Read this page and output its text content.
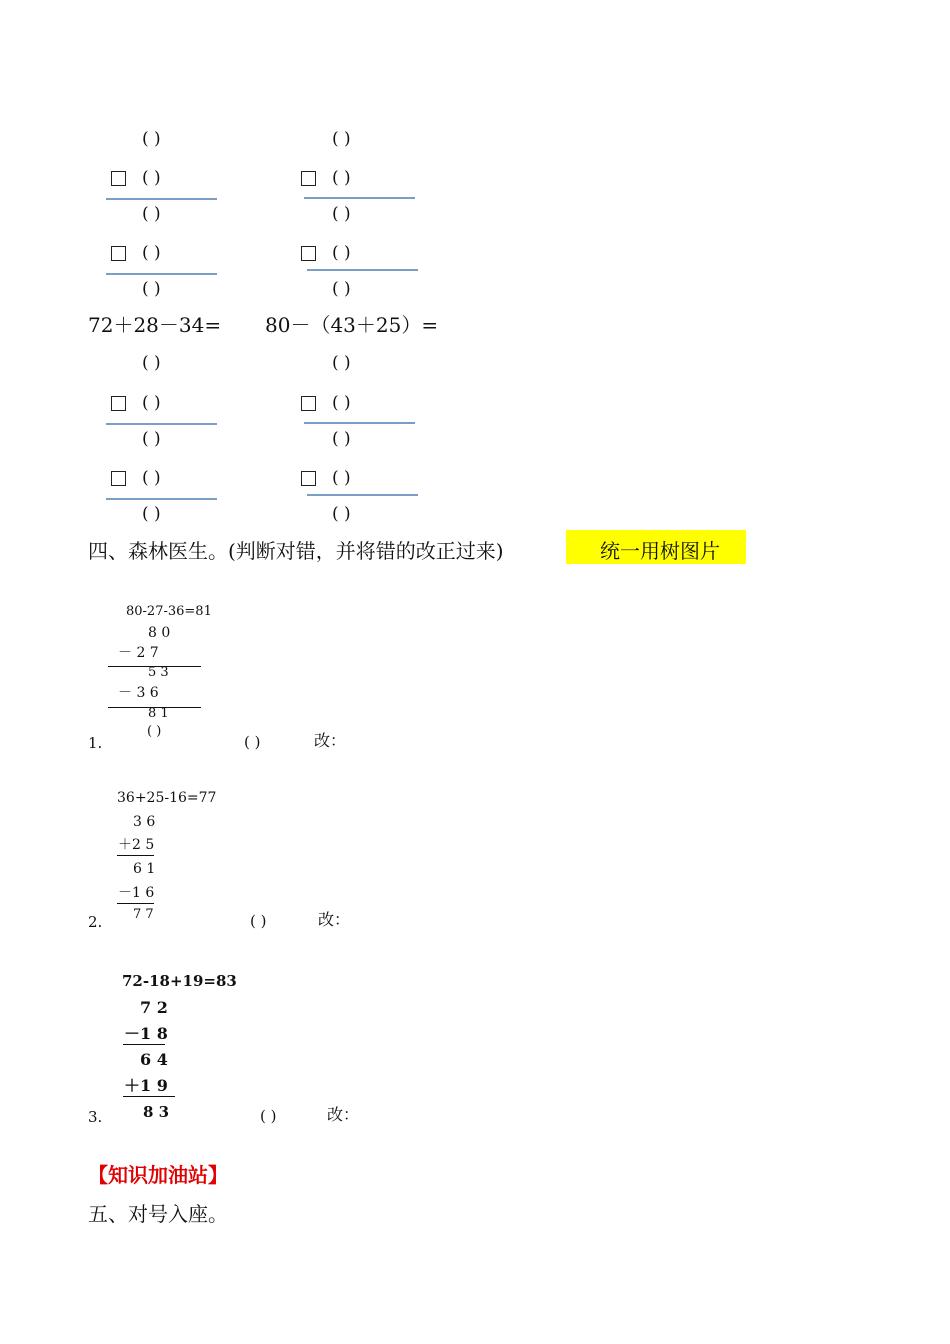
( )
( )
( )
( )
( )
( )
( )
( )
( )
( )
72＋28－34= 80－（43＋25）=
( )
( )
( )
( )
( )
( )
( )
( )
( )
( )
四、森林医生。(判断对错，并将错的改正过来)	统一用树图片
80-27-36=81
8 0
－ 2 7
5 3
－ 3 6
8 1
( )
1.	( )	改：
36+25-16=77
3 6
＋2 5
6 1
－1 6
7 7
2.	( )	改：
72-18+19=83
7 2
－1 8
6 4
＋1 9
8 3
3.	( )	改：
【知识加油站】
五、对号入座。
